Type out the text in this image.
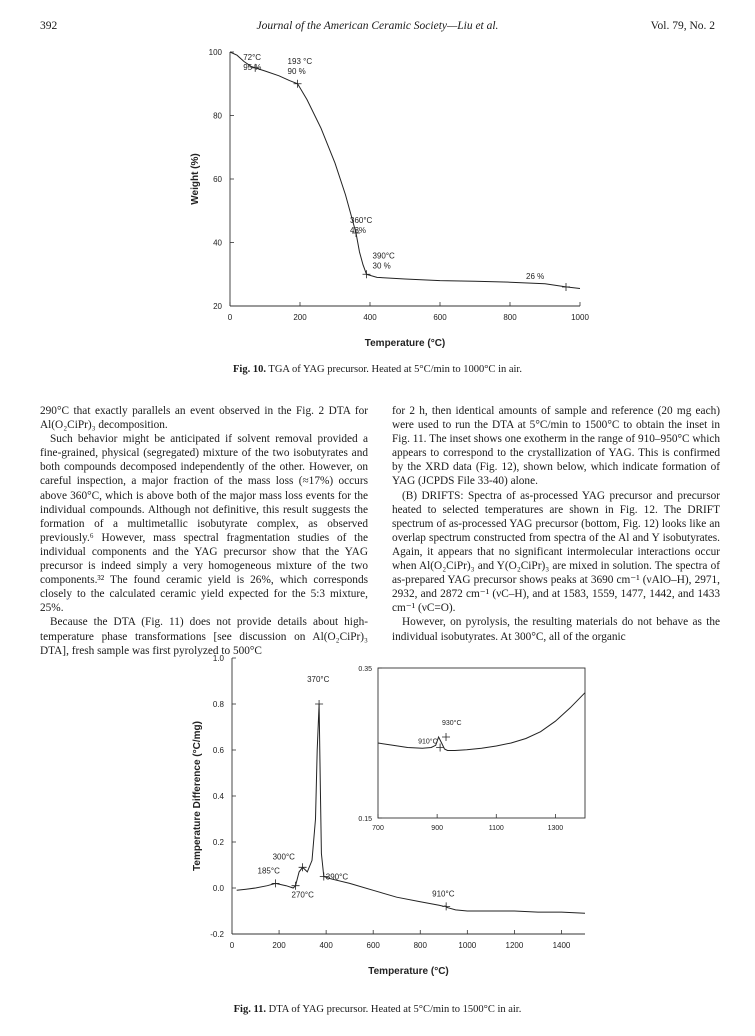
392	Journal of the American Ceramic Society—Liu et al.	Vol. 79, No. 2
0	200	400	600	800	1000
20
40
60
80
100
72°C
95 %
193 °C
90 %
360°C
43%
390°C
30 %
26 %
Temperature (°C)
Weight (%)
Fig. 10. TGA of YAG precursor. Heated at 5°C/min to 1000°C in air.

290°C that exactly parallels an event observed in the Fig. 2 DTA for Al(O₂CiPr)₃ decomposition.

Such behavior might be anticipated if solvent removal provided a fine-grained, physical (segregated) mixture of the two isobutyrates and both compounds decomposed independently of the other. However, on careful inspection, a major fraction of the mass loss (≈17%) occurs above 360°C, which is above both of the major mass loss events for the individual compounds. Although not definitive, this result suggests the formation of a multimetallic isobutyrate complex, as observed previously.⁶ However, mass spectral fragmentation studies of the individual components and the YAG precursor show that the YAG precursor is indeed simply a very homogeneous mixture of the two components.³² The found ceramic yield is 26%, which corresponds closely to the calculated ceramic yield expected for the 5:3 mixture, 25%.

Because the DTA (Fig. 11) does not provide details about high-temperature phase transformations [see discussion on Al(O₂CiPr)₃ DTA], fresh sample was first pyrolyzed to 500°C

for 2 h, then identical amounts of sample and reference (20 mg each) were used to run the DTA at 5°C/min to 1500°C to obtain the inset in Fig. 11. The inset shows one exotherm in the range of 910–950°C which appears to correspond to the crystallization of YAG. This is confirmed by the XRD data (Fig. 12), shown below, which indicate formation of YAG (JCPDS File 33-40) alone.

(B) DRIFTS: Spectra of as-processed YAG precursor and precursor heated to selected temperatures are shown in Fig. 12. The DRIFT spectrum of as-processed YAG precursor (bottom, Fig. 12) looks like an overlap spectrum constructed from spectra of the Al and Y isobutyrates. Again, it appears that no significant intermolecular interactions occur when Al(O₂CiPr)₃ and Y(O₂CiPr)₃ are mixed in solution. The spectra of as-prepared YAG precursor shows peaks at 3690 cm⁻¹ (νAlO–H), 2971, 2932, and 2872 cm⁻¹ (νC–H), and at 1583, 1559, 1477, 1442, and 1433 cm⁻¹ (νC=O).

However, on pyrolysis, the resulting materials do not behave as the individual isobutyrates. At 300°C, all of the organic

0	200	400	600	800	1000	1200	1400
-0.2
0.0
0.2
0.4
0.6
0.8
1.0
185°C
270°C
300°C
370°C
390°C
910°C
Temperature (°C)
Temperature Difference (°C/mg)	700	900	1100	1300
0.15
0.35
910°C
930°C
Fig. 11. DTA of YAG precursor. Heated at 5°C/min to 1500°C in air.
